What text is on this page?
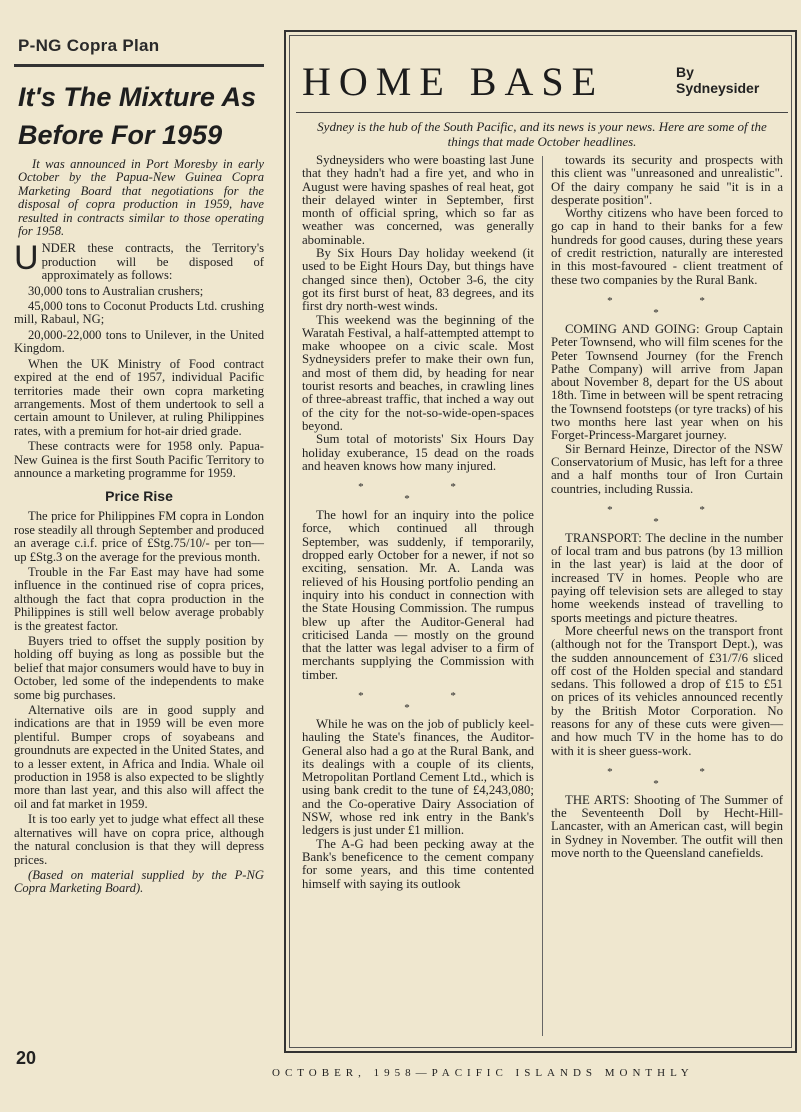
P-NG Copra Plan
It's The Mixture As
Before For 1959

It was announced in Port Moresby in early October by the Papua-New Guinea Copra Marketing Board that negotiations for the disposal of copra production in 1959, have resulted in contracts similar to those operating for 1958.

UNDER these contracts, the Territory's production will be disposed of approximately as follows:

30,000 tons to Australian crushers;

45,000 tons to Coconut Products Ltd. crushing mill, Rabaul, NG;

20,000-22,000 tons to Unilever, in the United Kingdom.

When the UK Ministry of Food contract expired at the end of 1957, individual Pacific territories made their own copra marketing arrangements. Most of them undertook to sell a certain amount to Unilever, at ruling Philippines rates, with a premium for hot-air dried grade.

These contracts were for 1958 only. Papua-New Guinea is the first South Pacific Territory to announce a marketing programme for 1959.

Price Rise

The price for Philippines FM copra in London rose steadily all through September and produced an average c.i.f. price of £Stg.75/10/- per ton—up £Stg.3 on the average for the previous month.

Trouble in the Far East may have had some influence in the continued rise of copra prices, although the fact that copra production in the Philippines is still well below average probably is the greatest factor.

Buyers tried to offset the supply position by holding off buying as long as possible but the belief that major consumers would have to buy in October, led some of the independents to make some big purchases.

Alternative oils are in good supply and indications are that in 1959 will be even more plentiful. Bumper crops of soyabeans and groundnuts are expected in the United States, and to a lesser extent, in Africa and India. Whale oil production in 1958 is also expected to be slightly more than last year, and this also will affect the oil and fat market in 1959.

It is too early yet to judge what effect all these alternatives will have on copra price, although the natural conclusion is that they will depress prices.

(Based on material supplied by the P-NG Copra Marketing Board).

HOME BASE	By
Sydneysider
Sydney is the hub of the South Pacific, and its news is your news. Here are some of the things that made October headlines.

Sydneysiders who were boasting last June that they hadn't had a fire yet, and who in August were having spashes of real heat, got their delayed winter in September, first month of official spring, which so far as weather was concerned, was generally abominable.

By Six Hours Day holiday weekend (it used to be Eight Hours Day, but things have changed since then), October 3-6, the city got its first burst of heat, 83 degrees, and its first dry north-west winds.

This weekend was the beginning of the Waratah Festival, a half-attempted attempt to make whoopee on a civic scale. Most Sydneysiders prefer to make their own fun, and most of them did, by heading for near tourist resorts and beaches, in crawling lines of three-abreast traffic, that inched a way out of the city for the not-so-wide-open-spaces beyond.

Sum total of motorists' Six Hours Day holiday exuberance, 15 dead on the roads and heaven knows how many injured.

* * *

The howl for an inquiry into the police force, which continued all through September, was suddenly, if temporarily, dropped early October for a newer, if not so exciting, sensation. Mr. A. Landa was relieved of his Housing portfolio pending an inquiry into his conduct in connection with the State Housing Commission. The rumpus blew up after the Auditor-General had criticised Landa — mostly on the ground that the latter was legal adviser to a firm of merchants supplying the Commission with timber.

* * *

While he was on the job of publicly keel-hauling the State's finances, the Auditor-General also had a go at the Rural Bank, and its dealings with a couple of its clients, Metropolitan Portland Cement Ltd., which is using bank credit to the tune of £4,243,080; and the Co-operative Dairy Association of NSW, whose red ink entry in the Bank's ledgers is just under £1 million.

The A-G had been pecking away at the Bank's beneficence to the cement company for some years, and this time contented himself with saying its outlook

towards its security and prospects with this client was "unreasoned and unrealistic". Of the dairy company he said "it is in a desperate position".

Worthy citizens who have been forced to go cap in hand to their banks for a few hundreds for good causes, during these years of credit restriction, naturally are interested in this most-favoured - client treatment of these two companies by the Rural Bank.

* * *

COMING AND GOING: Group Captain Peter Townsend, who will film scenes for the Peter Townsend Journey (for the French Pathe Company) will arrive from Japan about November 8, depart for the US about 18th. Time in between will be spent retracing the Townsend footsteps (or tyre tracks) of his two months here last year when on his Forget-Princess-Margaret journey.

Sir Bernard Heinze, Director of the NSW Conservatorium of Music, has left for a three and a half months tour of Iron Curtain countries, including Russia.

* * *

TRANSPORT: The decline in the number of local tram and bus patrons (by 13 million in the last year) is laid at the door of increased TV in homes. People who are paying off television sets are alleged to stay home weekends instead of travelling to sports meetings and picture theatres.

More cheerful news on the transport front (although not for the Transport Dept.), was the sudden announcement of £31/7/6 sliced off cost of the Holden special and standard sedans. This followed a drop of £15 to £51 on prices of its vehicles announced recently by the British Motor Corporation. No reasons for any of these cuts were given—and how much TV in the home has to do with it is sheer guess-work.

* * *

THE ARTS: Shooting of The Summer of the Seventeenth Doll by Hecht-Hill-Lancaster, with an American cast, will begin in Sydney in November. The outfit will then move north to the Queensland canefields.

20
OCTOBER, 1958—PACIFIC ISLANDS MONTHLY
